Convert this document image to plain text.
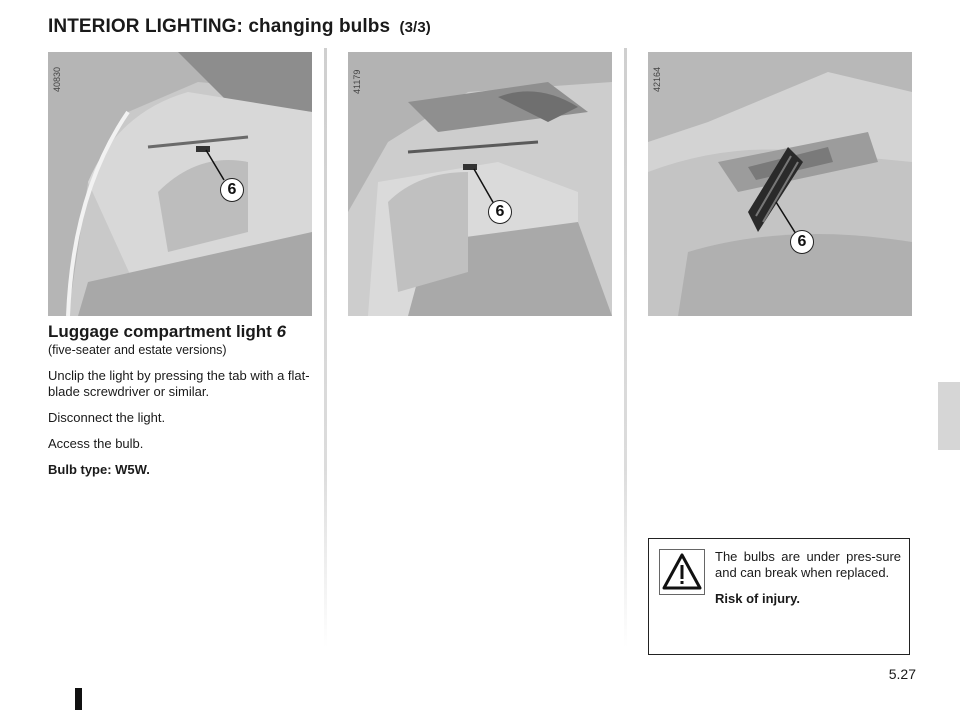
INTERIOR LIGHTING: changing bulbs (3/3)
40830
6
41179
6
42164
6
Luggage compartment light 6
(five-seater and estate versions)

Unclip the light by pressing the tab with a flat-blade screwdriver or similar.

Disconnect the light.

Access the bulb.

Bulb type: W5W.

The bulbs are under pres-sure and can break when replaced.

Risk of injury.

5.27
